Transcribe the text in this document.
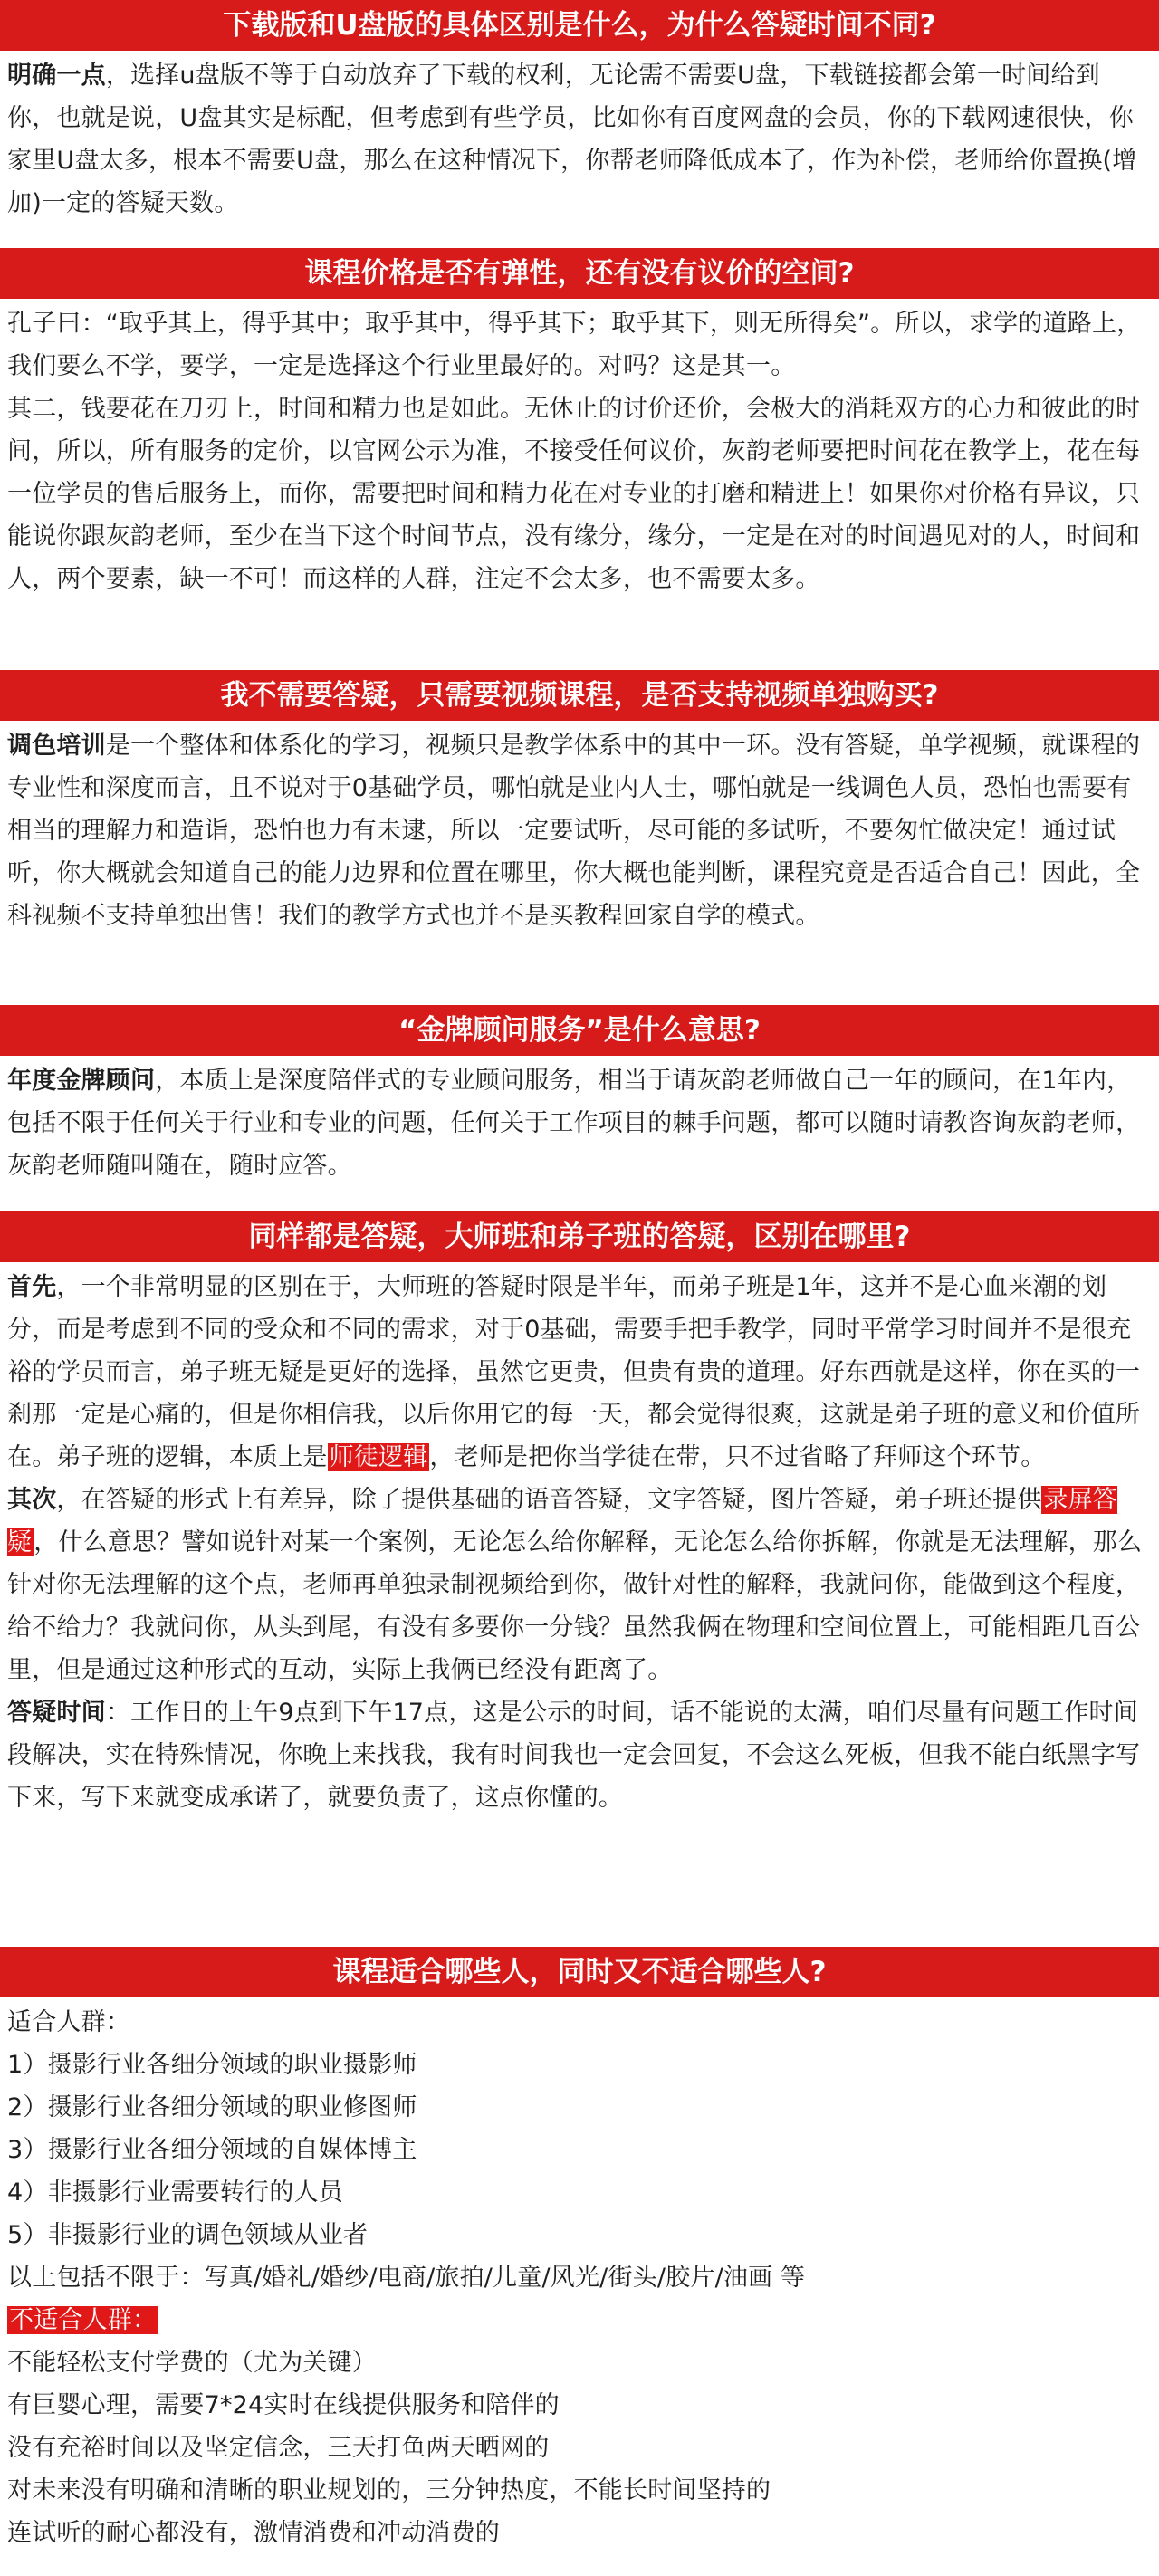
下载版和U盘版的具体区别是什么，为什么答疑时间不同?

明确一点，选择u盘版不等于自动放弃了下载的权利，无论需不需要U盘，下载链接都会第一时间给到你，也就是说，U盘其实是标配，但考虑到有些学员，比如你有百度网盘的会员，你的下载网速很快，你家里U盘太多，根本不需要U盘，那么在这种情况下，你帮老师降低成本了，作为补偿，老师给你置换(增加)一定的答疑天数。

课程价格是否有弹性，还有没有议价的空间?

孔子曰：“取乎其上，得乎其中；取乎其中，得乎其下；取乎其下，则无所得矣”。所以，求学的道路上，我们要么不学，要学，一定是选择这个行业里最好的。对吗？这是其一。

其二，钱要花在刀刃上，时间和精力也是如此。无休止的讨价还价，会极大的消耗双方的心力和彼此的时间，所以，所有服务的定价，以官网公示为准，不接受任何议价，灰韵老师要把时间花在教学上，花在每一位学员的售后服务上，而你，需要把时间和精力花在对专业的打磨和精进上！如果你对价格有异议，只能说你跟灰韵老师，至少在当下这个时间节点，没有缘分，缘分，一定是在对的时间遇见对的人，时间和人，两个要素，缺一不可！而这样的人群，注定不会太多，也不需要太多。

我不需要答疑，只需要视频课程，是否支持视频单独购买?

调色培训是一个整体和体系化的学习，视频只是教学体系中的其中一环。没有答疑，单学视频，就课程的专业性和深度而言，且不说对于0基础学员，哪怕就是业内人士，哪怕就是一线调色人员，恐怕也需要有相当的理解力和造诣，恐怕也力有未逮，所以一定要试听，尽可能的多试听，不要匆忙做决定！通过试听，你大概就会知道自己的能力边界和位置在哪里，你大概也能判断，课程究竟是否适合自己！因此，全科视频不支持单独出售！我们的教学方式也并不是买教程回家自学的模式。

“金牌顾问服务”是什么意思?

年度金牌顾问，本质上是深度陪伴式的专业顾问服务，相当于请灰韵老师做自己一年的顾问，在1年内，包括不限于任何关于行业和专业的问题，任何关于工作项目的棘手问题，都可以随时请教咨询灰韵老师，灰韵老师随叫随在，随时应答。

同样都是答疑，大师班和弟子班的答疑，区别在哪里?

首先，一个非常明显的区别在于，大师班的答疑时限是半年，而弟子班是1年，这并不是心血来潮的划分，而是考虑到不同的受众和不同的需求，对于0基础，需要手把手教学，同时平常学习时间并不是很充裕的学员而言，弟子班无疑是更好的选择，虽然它更贵，但贵有贵的道理。好东西就是这样，你在买的一刹那一定是心痛的，但是你相信我，以后你用它的每一天，都会觉得很爽，这就是弟子班的意义和价值所在。弟子班的逻辑，本质上是师徒逻辑，老师是把你当学徒在带，只不过省略了拜师这个环节。

其次，在答疑的形式上有差异，除了提供基础的语音答疑，文字答疑，图片答疑，弟子班还提供录屏答疑，什么意思？譬如说针对某一个案例，无论怎么给你解释，无论怎么给你拆解，你就是无法理解，那么针对你无法理解的这个点，老师再单独录制视频给到你，做针对性的解释，我就问你，能做到这个程度，给不给力？我就问你，从头到尾，有没有多要你一分钱？虽然我俩在物理和空间位置上，可能相距几百公里，但是通过这种形式的互动，实际上我俩已经没有距离了。

答疑时间：工作日的上午9点到下午17点，这是公示的时间，话不能说的太满，咱们尽量有问题工作时间段解决，实在特殊情况，你晚上来找我，我有时间我也一定会回复，不会这么死板，但我不能白纸黑字写下来，写下来就变成承诺了，就要负责了，这点你懂的。

课程适合哪些人，同时又不适合哪些人?

适合人群：

1）摄影行业各细分领域的职业摄影师
2）摄影行业各细分领域的职业修图师
3）摄影行业各细分领域的自媒体博主
4）非摄影行业需要转行的人员
5）非摄影行业的调色领域从业者

以上包括不限于：写真/婚礼/婚纱/电商/旅拍/儿童/风光/街头/胶片/油画 等

不适合人群：

不能轻松支付学费的（尤为关键）
有巨婴心理，需要7*24实时在线提供服务和陪伴的
没有充裕时间以及坚定信念，三天打鱼两天晒网的
对未来没有明确和清晰的职业规划的，三分钟热度，不能长时间坚持的
连试听的耐心都没有，激情消费和冲动消费的
